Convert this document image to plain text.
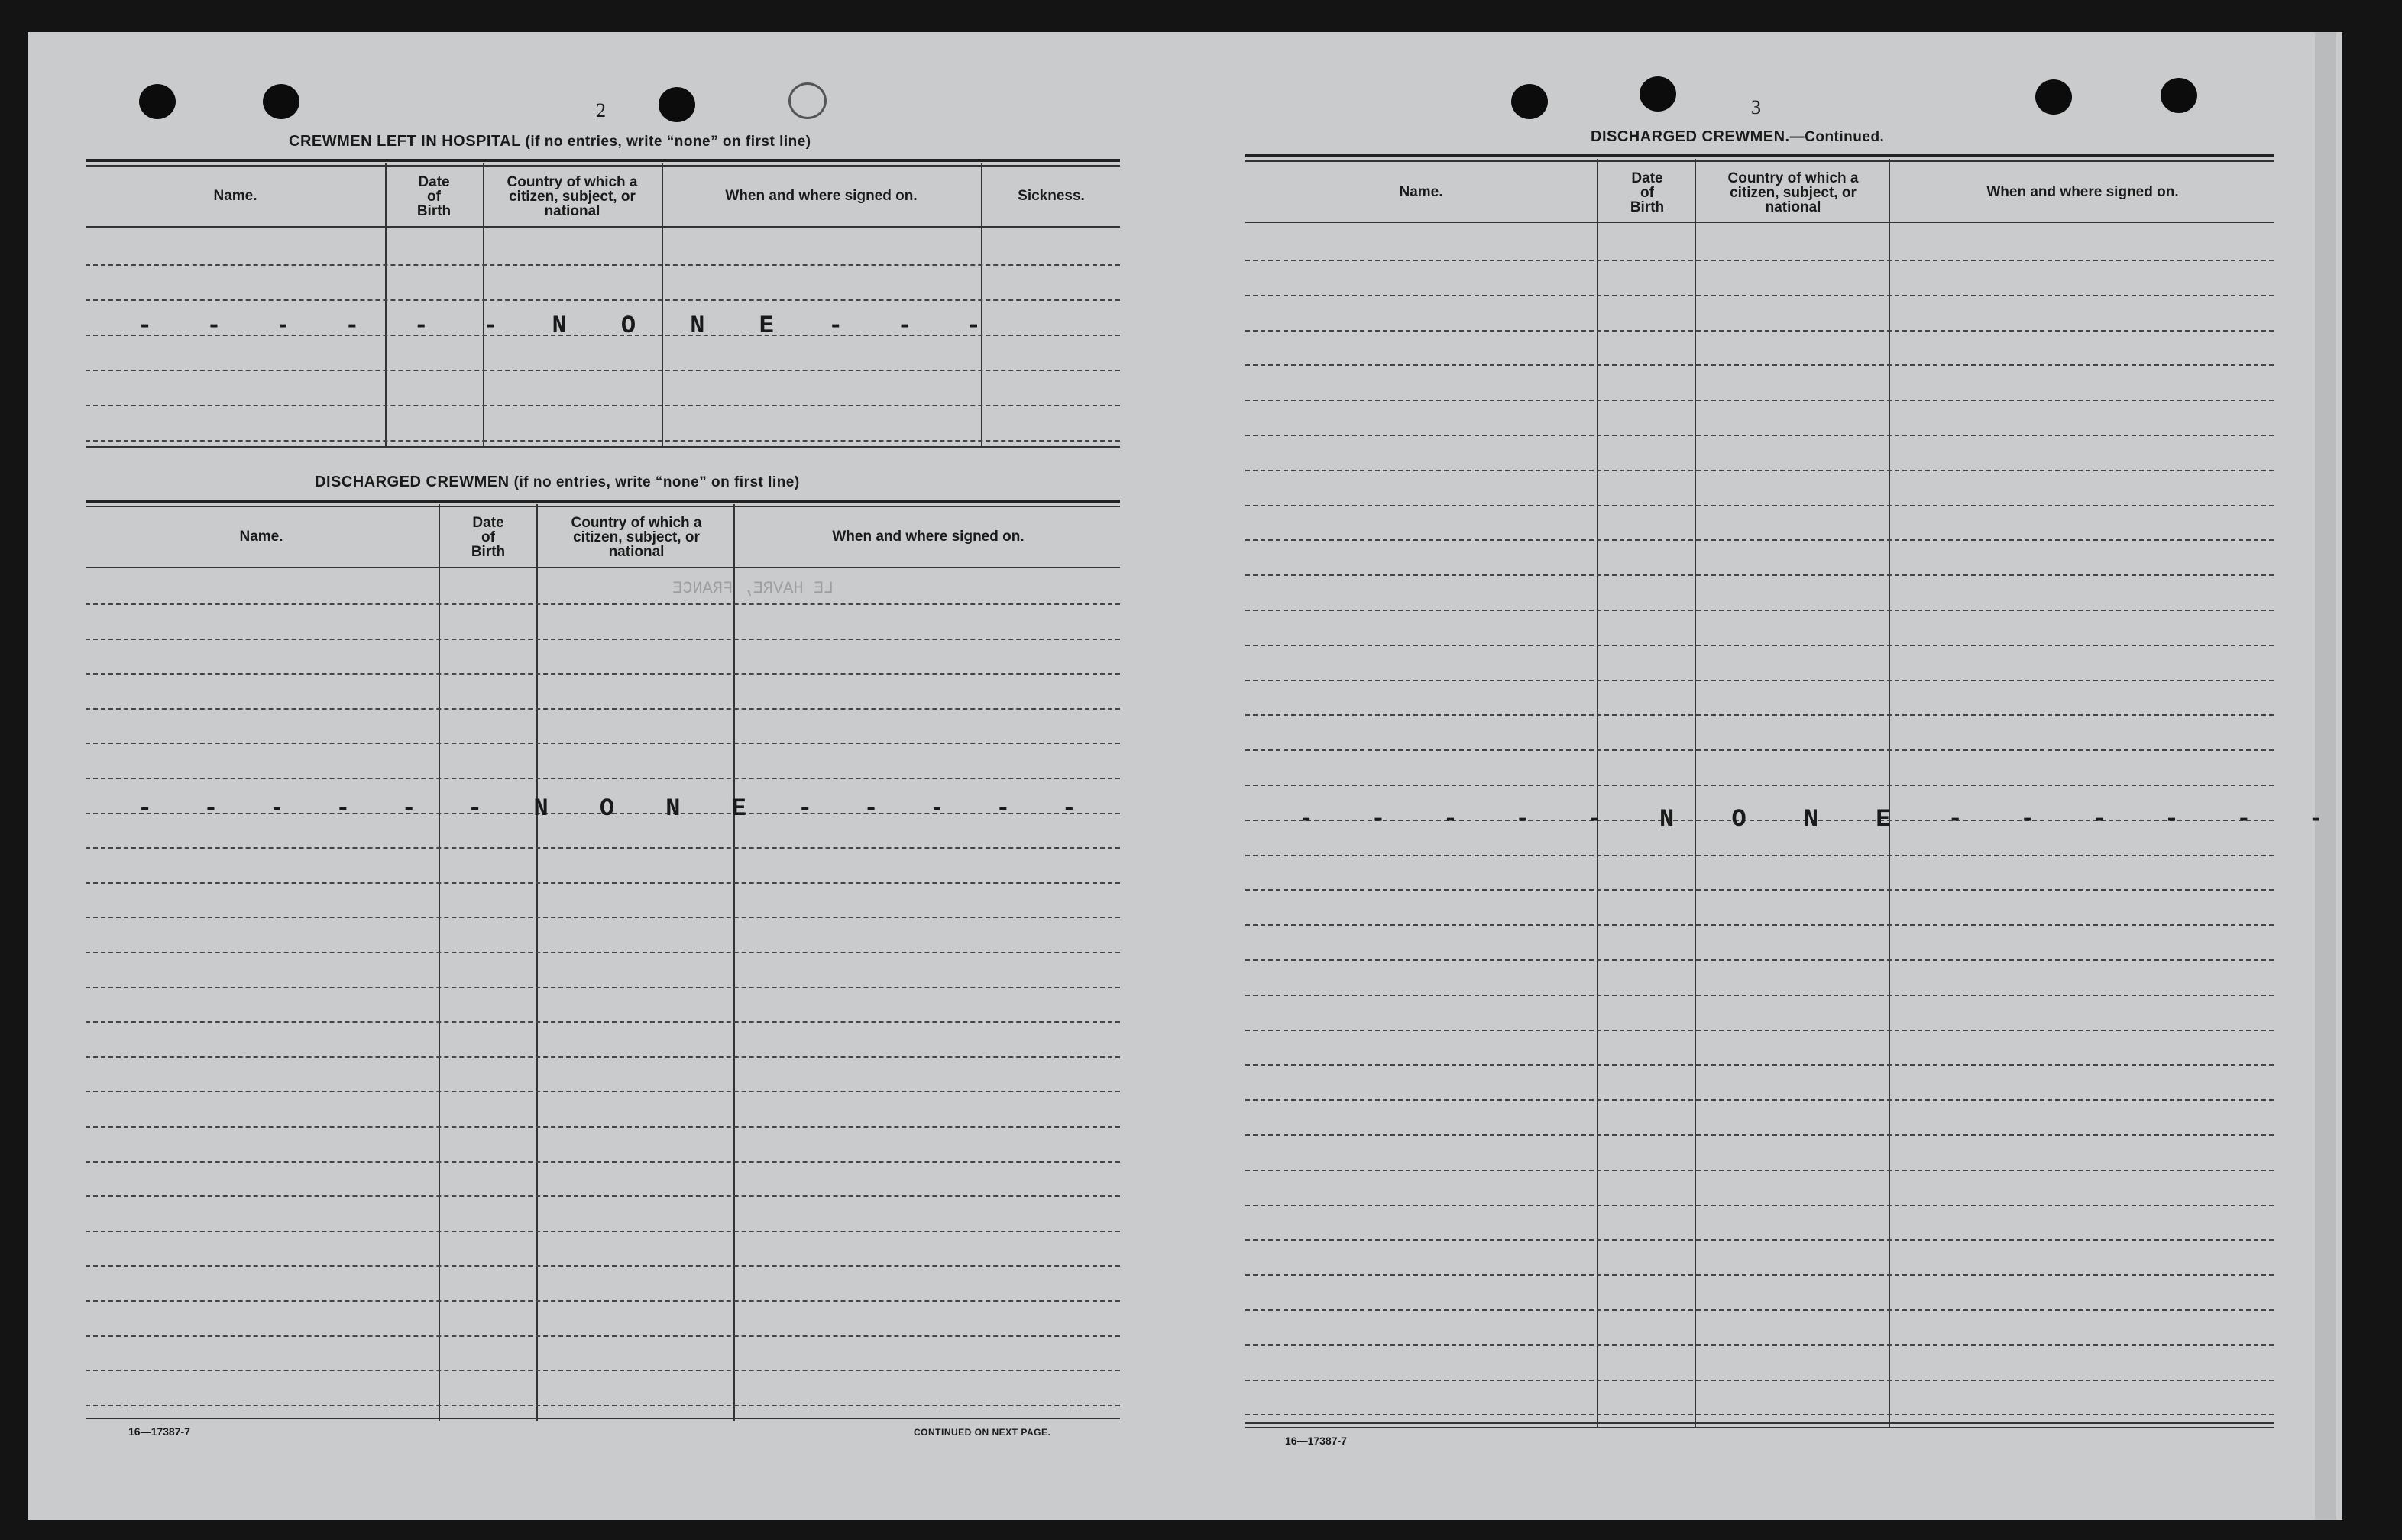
2
CREWMEN LEFT IN HOSPITAL (if no entries, write “none” on first line)
Name.
Date
of
Birth
Country of which a
citizen, subject, or
national
When and where signed on.	Sickness.
- - - - - - N O N E - - -
DISCHARGED CREWMEN (if no entries, write “none” on first line)
Name.
Date
of
Birth
Country of which a
citizen, subject, or
national
When and where signed on.
- - - - - - N O N E - - - - -
LE HAVRE, FRANCE
16—17387-7	CONTINUED ON NEXT PAGE.
3
DISCHARGED CREWMEN.—Continued.
Name.
Date
of
Birth
Country of which a
citizen, subject, or
national
When and where signed on.
- - - - - N O N E - - - - - -
16—17387-7
